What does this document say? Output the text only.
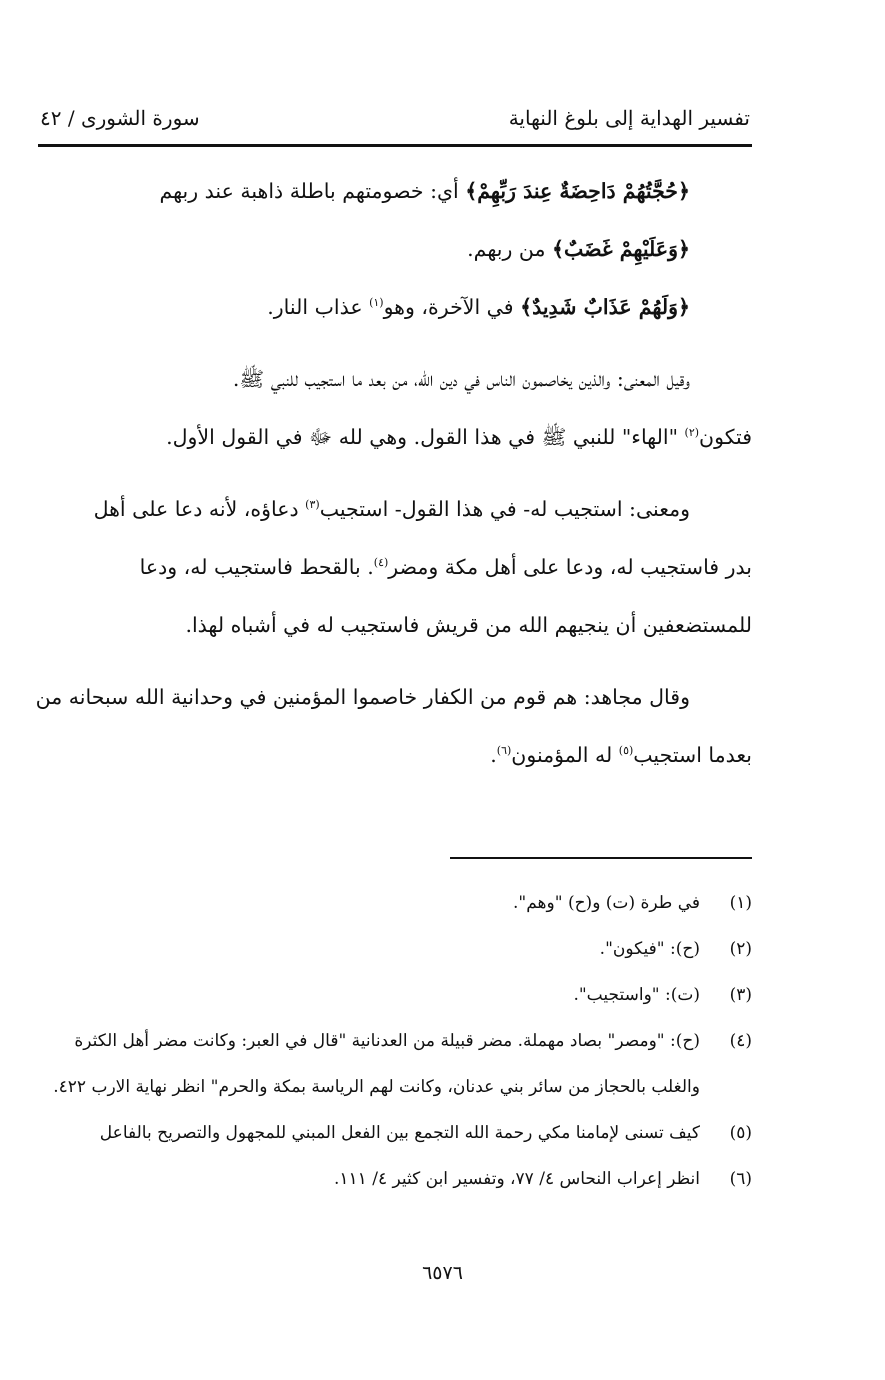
تفسير الهداية إلى بلوغ النهاية
سورة الشورى / ٤٢
﴿حُجَّتُهُمْ دَاحِضَةٌ عِندَ رَبِّهِمْ﴾ أي: خصومتهم باطلة ذاهبة عند ربهم
﴿وَعَلَيْهِمْ غَضَبٌ﴾ من ربهم.
﴿وَلَهُمْ عَذَابٌ شَدِيدٌ﴾ في الآخرة، وهو$^{(١)}$ عذاب النار.
وقيل المعنى: والذين يخاصمون الناس في دين الله، من بعد ما استجيب للنبي ﷺ.
فتكون$^{(٢)}$ "الهاء" للنبي ﷺ في هذا القول. وهي لله ﷻ في القول الأول.
ومعنى: استجيب له- في هذا القول- استجيب$^{(٣)}$ دعاؤه، لأنه دعا على أهل
بدر فاستجيب له، ودعا على أهل مكة ومضر$^{(٤)}$. بالقحط فاستجيب له، ودعا
للمستضعفين أن ينجيهم الله من قريش فاستجيب له في أشباه لهذا.
وقال مجاهد: هم قوم من الكفار خاصموا المؤمنين في وحدانية الله سبحانه من
بعدما استجيب$^{(٥)}$ له المؤمنون$^{(٦)}$.
(١)
في طرة (ت) و(ح) "وهم".
(٢)
(ح): "فيكون".
(٣)
(ت): "واستجيب".
(٤)
(ح): "ومصر" بصاد مهملة. مضر قبيلة من العدنانية "قال في العبر: وكانت مضر أهل الكثرة والغلب بالحجاز من سائر بني عدنان، وكانت لهم الرياسة بمكة والحرم" انظر نهاية الارب ٤٢٢.
(٥)
كيف تسنى لإمامنا مكي رحمة الله التجمع بين الفعل المبني للمجهول والتصريح بالفاعل
(٦)
انظر إعراب النحاس ٤/ ٧٧، وتفسير ابن كثير ٤/ ١١١.
٦٥٧٦
